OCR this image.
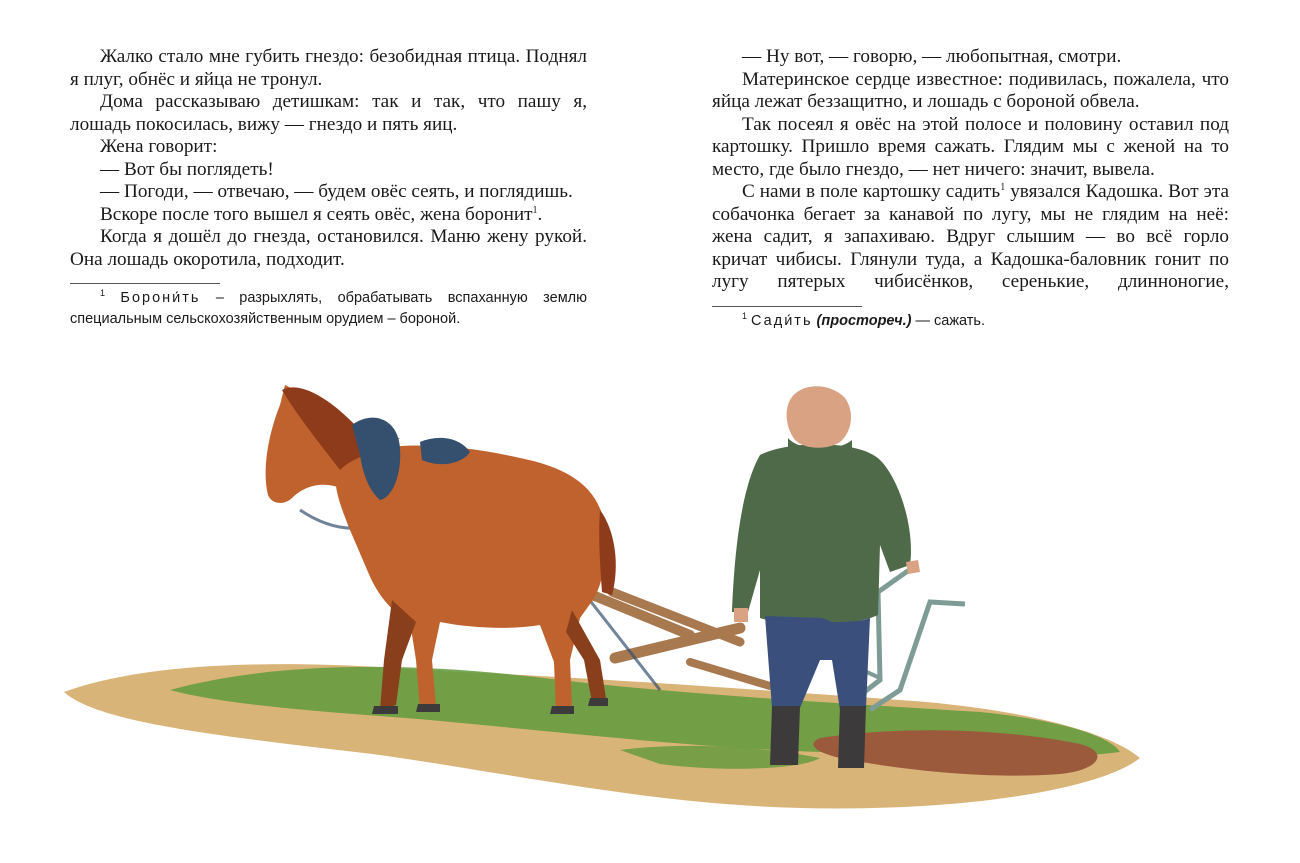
Жалко стало мне губить гнездо: безобидная птица. Поднял я плуг, обнёс и яйца не тронул.

Дома рассказываю детишкам: так и так, что пашу я, лошадь покосилась, вижу — гнездо и пять яиц.

Жена говорит:

— Вот бы поглядеть!

— Погоди, — отвечаю, — будем овёс сеять, и поглядишь.

Вскоре после того вышел я сеять овёс, жена боронит$^1$.

Когда я дошёл до гнезда, остановился. Маню жену рукой. Она лошадь окоротила, подходит.

$^1$ Борони́ть – разрыхлять, обрабатывать вспаханную землю специальным сельскохозяйственным орудием – бороной.

— Ну вот, — говорю, — любопытная, смотри.

Материнское сердце известное: подивилась, пожалела, что яйца лежат беззащитно, и лошадь с бороной обвела.

Так посеял я овёс на этой полосе и половину оставил под картошку. Пришло время сажать. Глядим мы с женой на то место, где было гнездо, — нет ничего: значит, вывела.

С нами в поле картошку садить$^1$ увязался Кадошка. Вот эта собачонка бегает за канавой по лугу, мы не глядим на неё: жена садит, я запахиваю. Вдруг слышим — во всё горло кричат чибисы. Глянули туда, а Кадошка-баловник гонит по лугу пятерых чибисёнков, серенькие, длинноногие,

$^1$ Сади́ть (простореч.) — сажать.
